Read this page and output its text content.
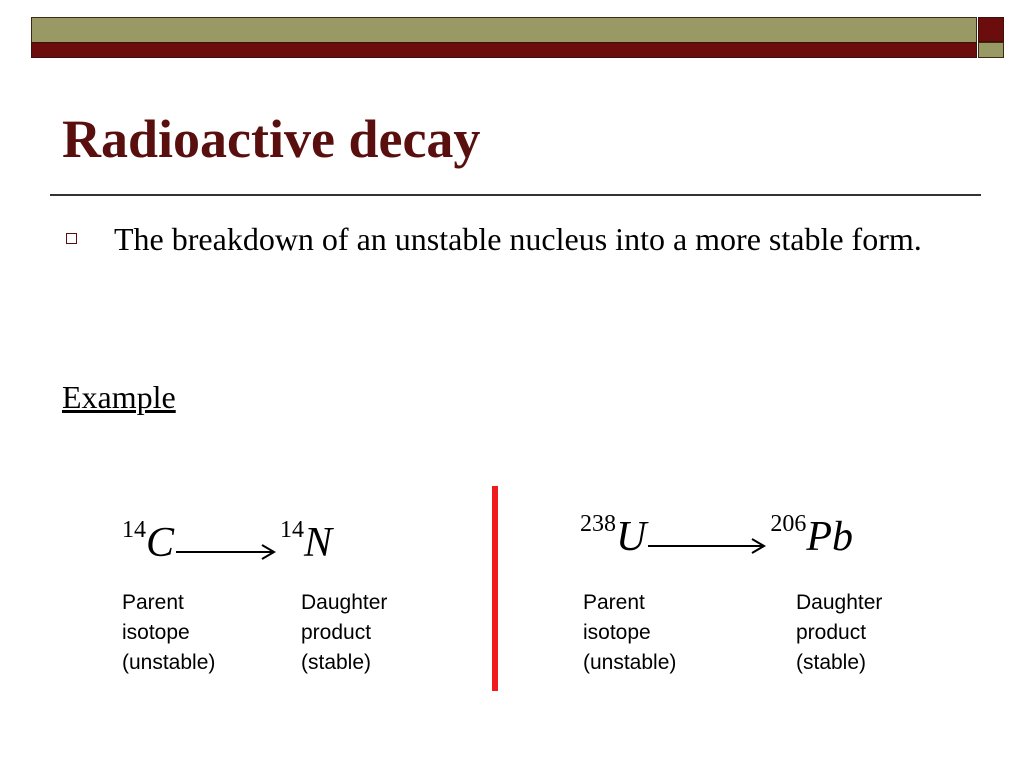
Radioactive decay
The breakdown of an unstable nucleus into a more stable form.
Example
14C	14N
Parent
isotope
(unstable)
Daughter
product
(stable)
238U	206Pb
Parent
isotope
(unstable)
Daughter
product
(stable)
